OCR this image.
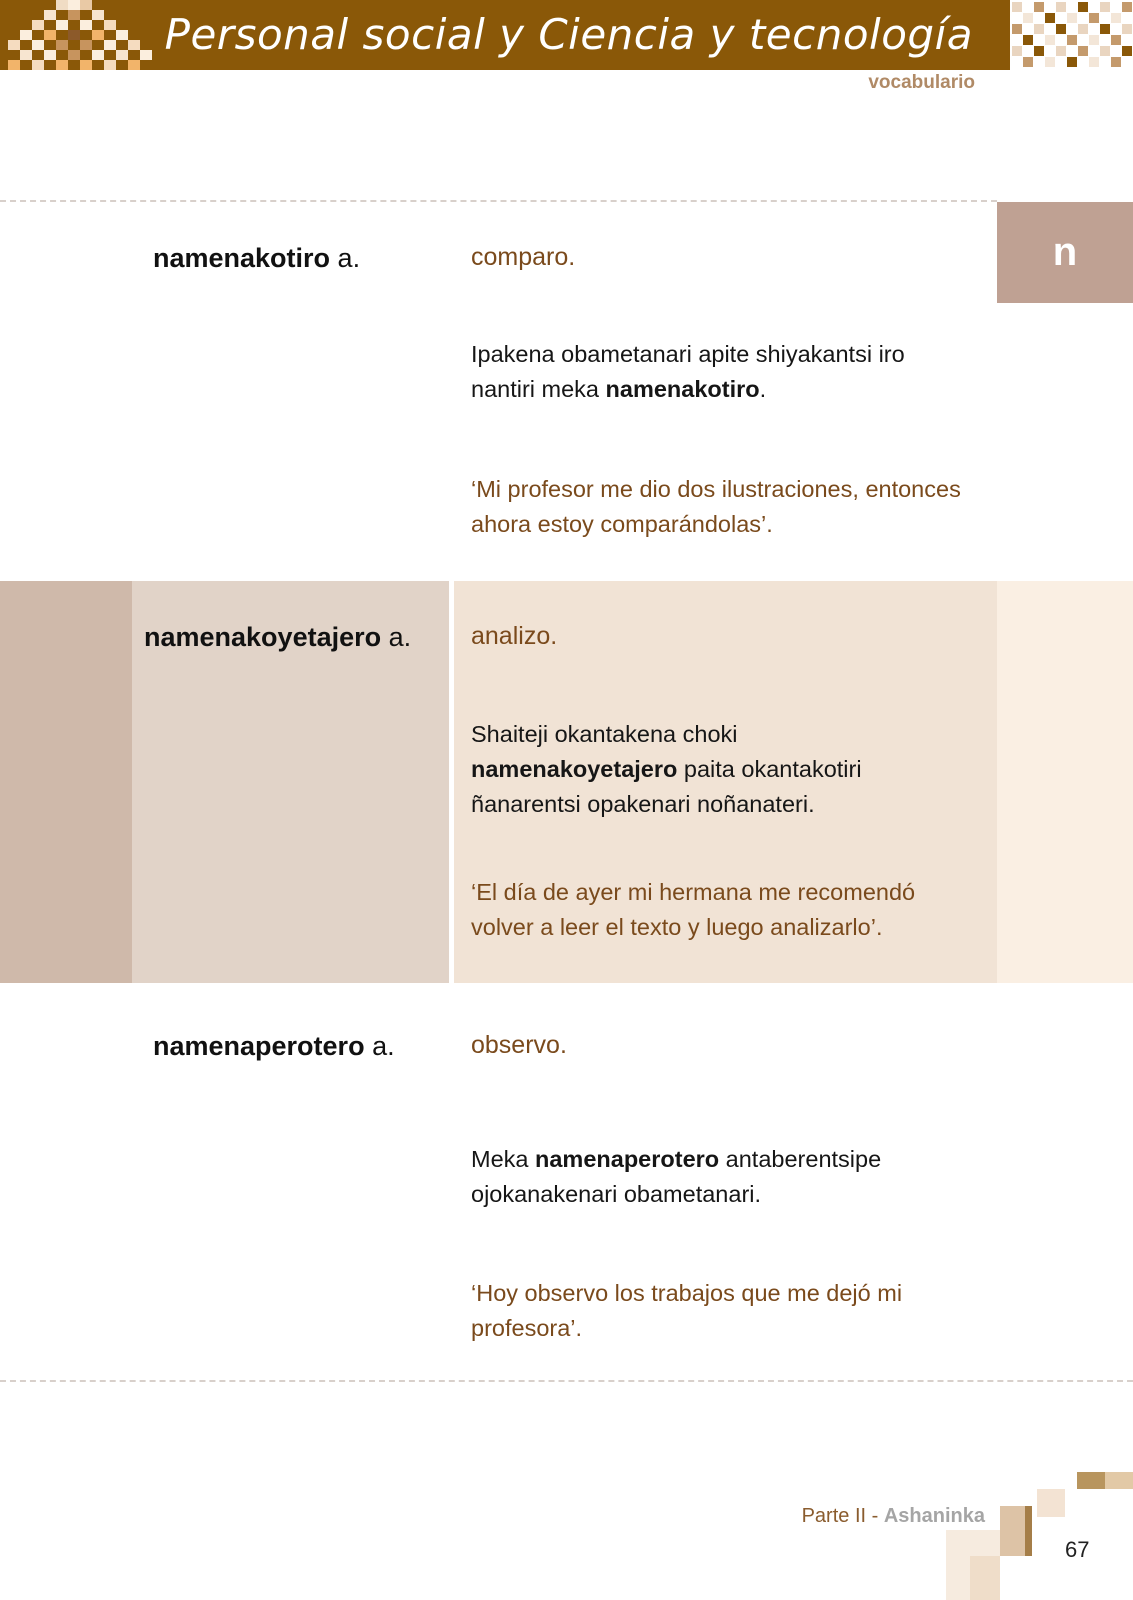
Personal social y Ciencia y tecnología
vocabulario
n
namenakotiro a.	comparo.
Ipakena obametanari apite shiyakantsi iro nantiri meka namenakotiro.
‘Mi profesor me dio dos ilustraciones, entonces ahora estoy comparándolas’.
namenakoyetajero a. analizo.
Shaiteji okantakena choki namenakoyetajero paita okantakotiri ñanarentsi opakenari noñanateri.
‘El día de ayer mi hermana me recomendó volver a leer el texto y luego analizarlo’.
namenaperotero a.	observo.
Meka namenaperotero antaberentsipe ojokanakenari obametanari.
‘Hoy observo los trabajos que me dejó mi profesora’.
Parte II - Ashaninka
67
